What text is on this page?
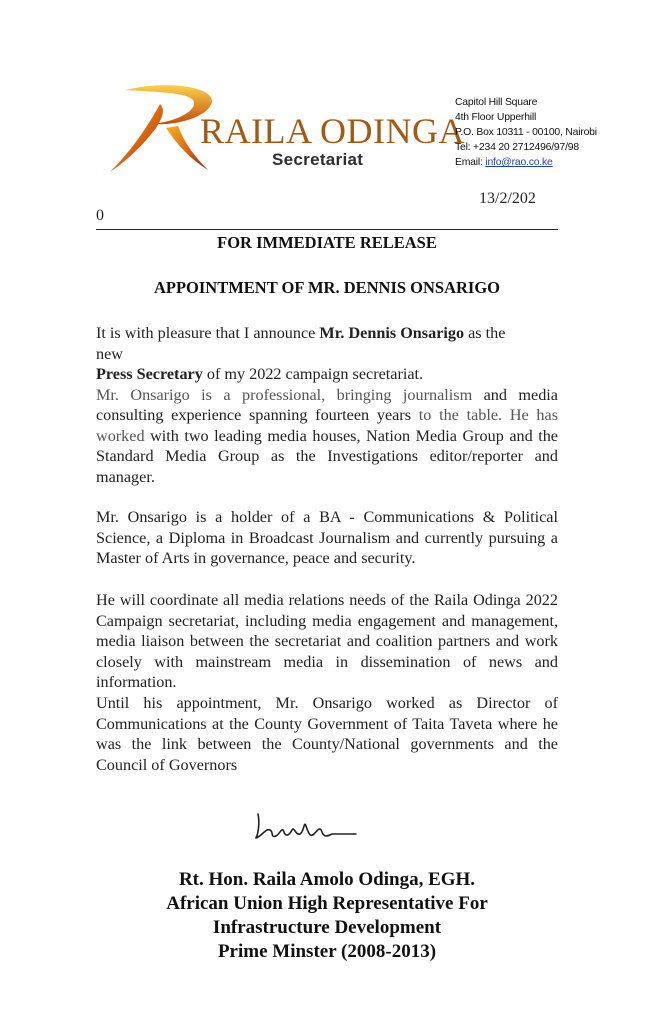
RAILA ODINGA
Secretariat
Capitol Hill Square
4th Floor Upperhill
P.O. Box 10311 - 00100, Nairobi
Tel: +234 20 2712496/97/98
Email: info@rao.co.ke
13/2/202
0
FOR IMMEDIATE RELEASE
APPOINTMENT OF MR. DENNIS ONSARIGO
It is with pleasure that I announce Mr. Dennis Onsarigo as the
new
Press Secretary of my 2022 campaign secretariat.

Mr. Onsarigo is a professional, bringing journalism and media consulting experience spanning fourteen years to the table. He has worked with two leading media houses, Nation Media Group and the Standard Media Group as the Investigations editor/reporter and manager.

Mr. Onsarigo is a holder of a BA - Communications & Political Science, a Diploma in Broadcast Journalism and currently pursuing a Master of Arts in governance, peace and security.

He will coordinate all media relations needs of the Raila Odinga 2022 Campaign secretariat, including media engagement and management, media liaison between the secretariat and coalition partners and work closely with mainstream media in dissemination of news and information.

Until his appointment, Mr. Onsarigo worked as Director of Communications at the County Government of Taita Taveta where he was the link between the County/National governments and the Council of Governors

Rt. Hon. Raila Amolo Odinga, EGH.
African Union High Representative For
Infrastructure Development
Prime Minster (2008-2013)
